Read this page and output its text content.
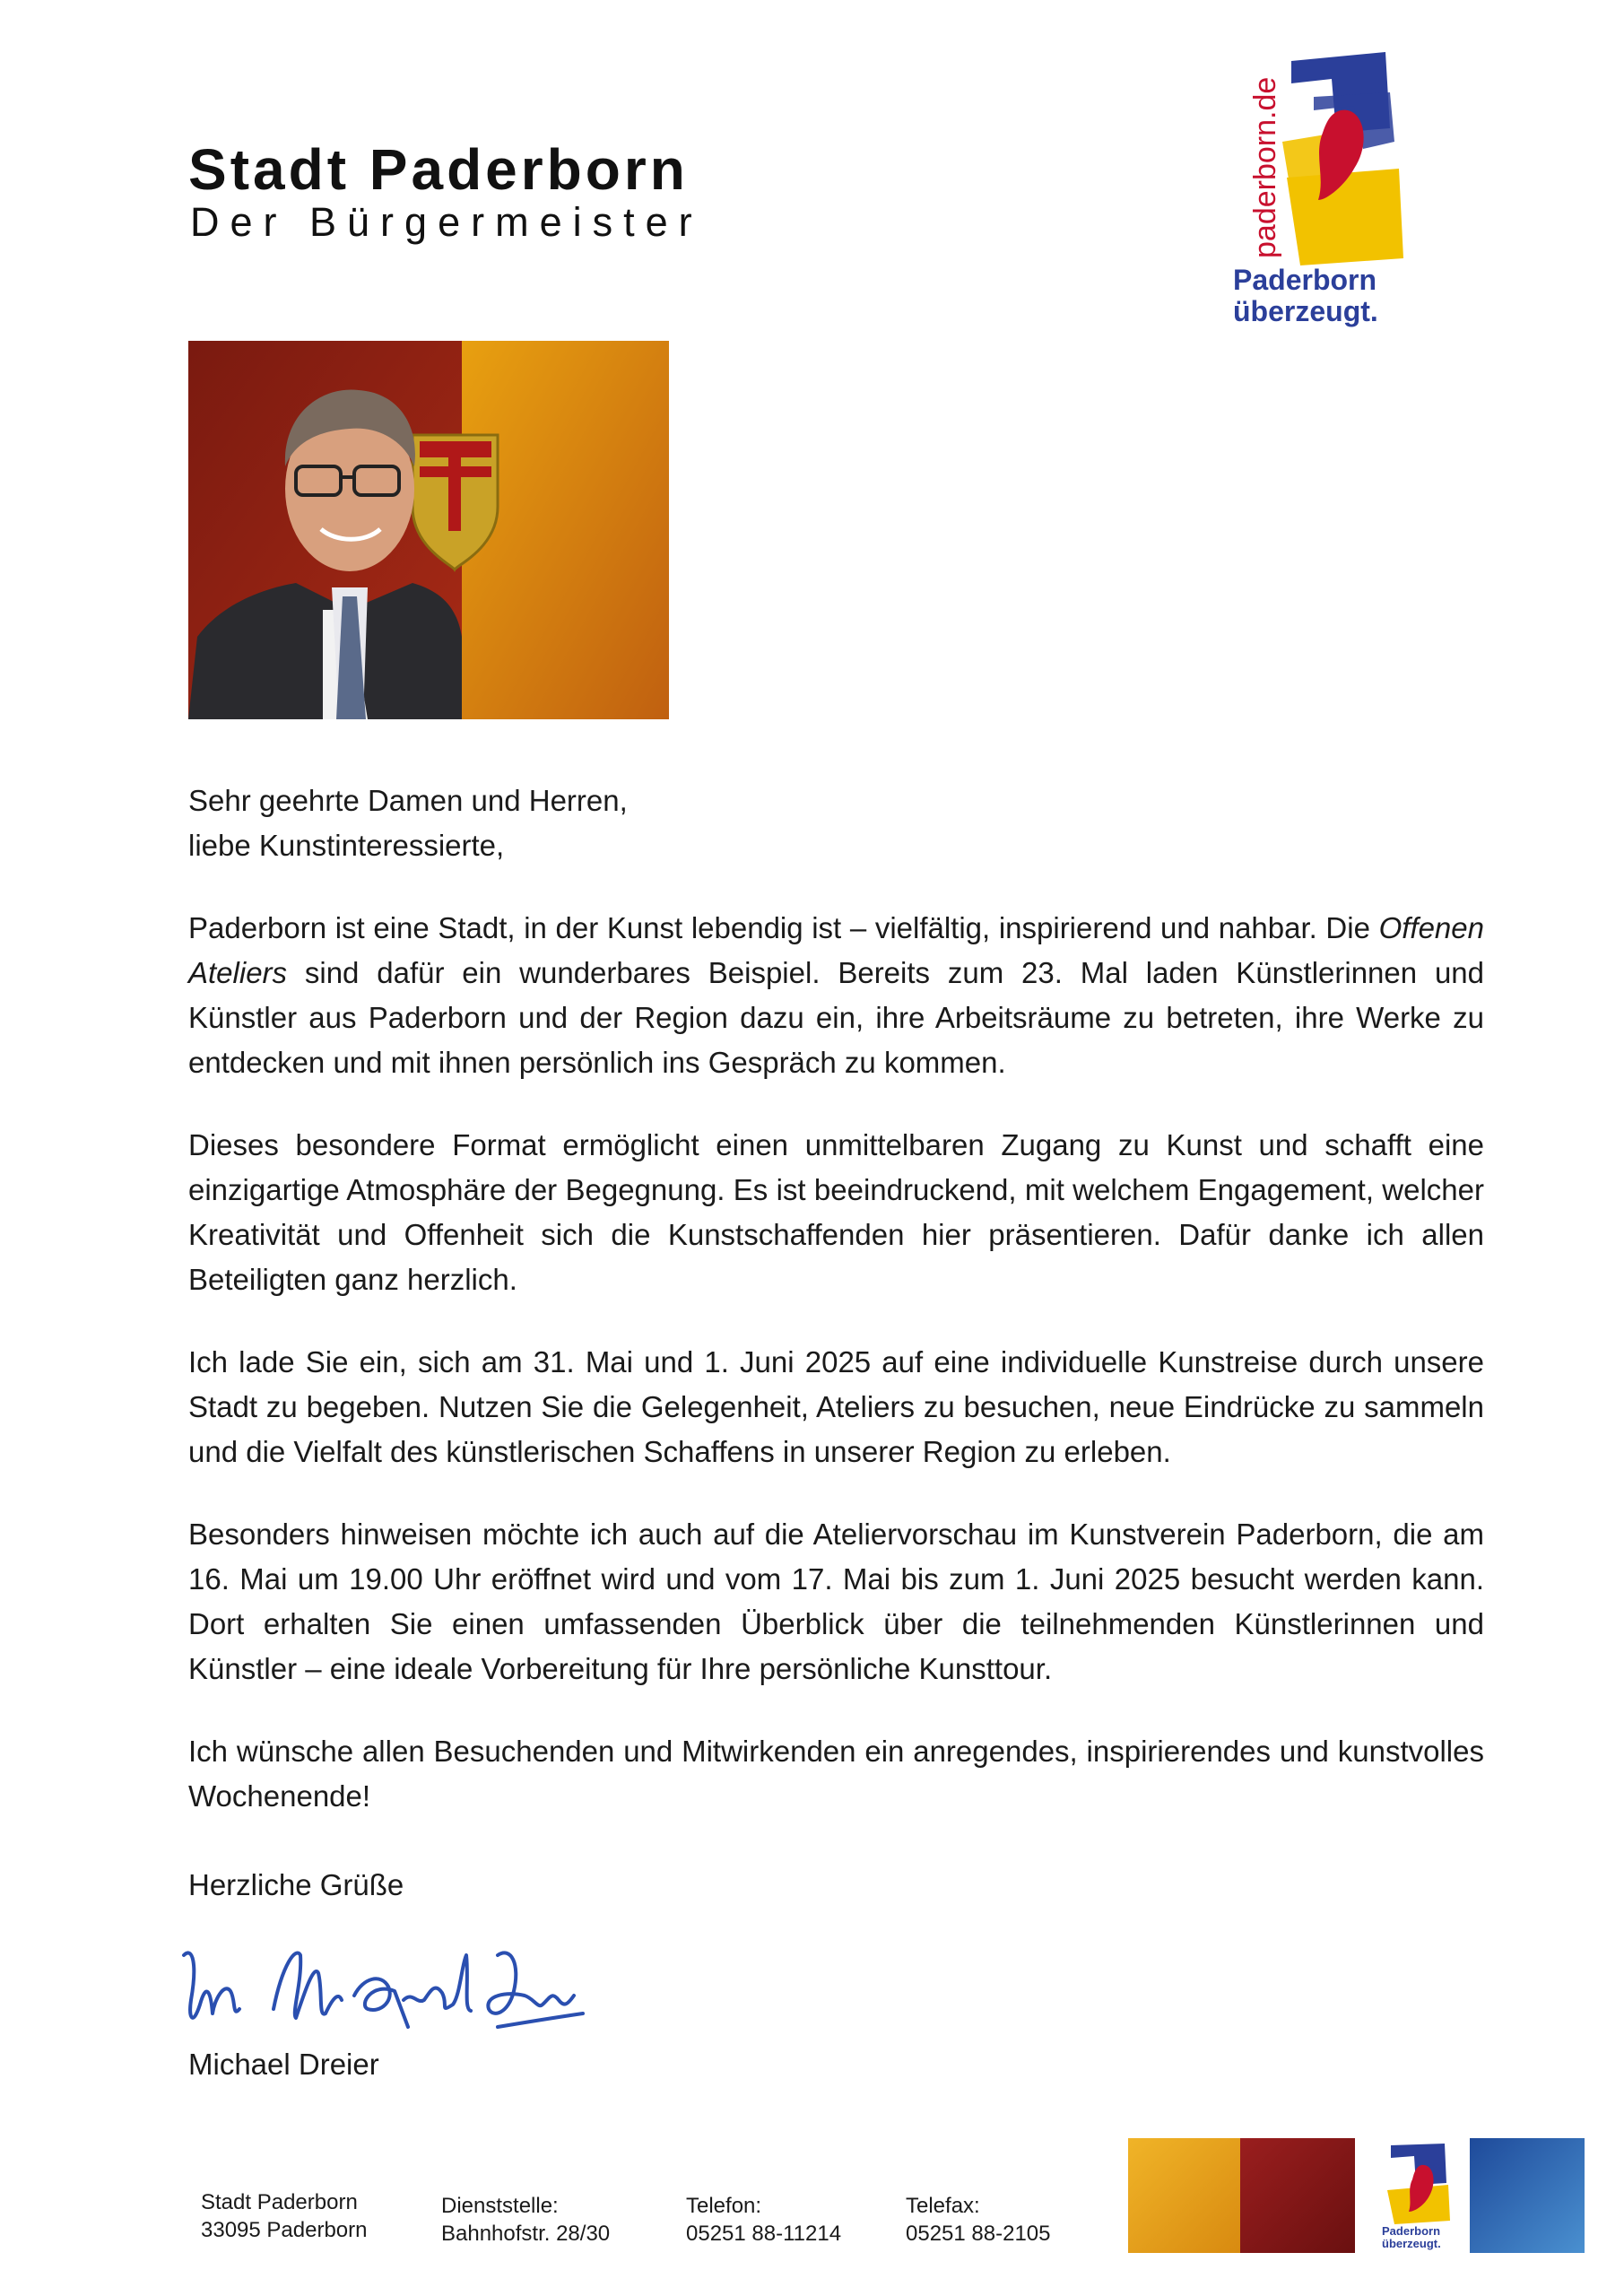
Stadt Paderborn
Der Bürgermeister	paderborn.de
Paderborn
überzeugt.

Sehr geehrte Damen und Herren,
liebe Kunstinteressierte,

Paderborn ist eine Stadt, in der Kunst lebendig ist – vielfältig, inspirierend und nahbar. Die Offenen Ateliers sind dafür ein wunderbares Beispiel. Bereits zum 23. Mal laden Künstlerinnen und Künstler aus Paderborn und der Region dazu ein, ihre Arbeitsräume zu betreten, ihre Werke zu entdecken und mit ihnen persönlich ins Gespräch zu kommen.

Dieses besondere Format ermöglicht einen unmittelbaren Zugang zu Kunst und schafft eine einzigartige Atmosphäre der Begegnung. Es ist beeindruckend, mit welchem Engagement, welcher Kreativität und Offenheit sich die Kunstschaffenden hier präsentieren. Dafür danke ich allen Beteiligten ganz herzlich.

Ich lade Sie ein, sich am 31. Mai und 1. Juni 2025 auf eine individuelle Kunstreise durch unsere Stadt zu begeben. Nutzen Sie die Gelegenheit, Ateliers zu besuchen, neue Eindrücke zu sammeln und die Vielfalt des künstlerischen Schaffens in unserer Region zu erleben.

Besonders hinweisen möchte ich auch auf die Ateliervorschau im Kunstverein Paderborn, die am 16. Mai um 19.00 Uhr eröffnet wird und vom 17. Mai bis zum 1. Juni 2025 besucht werden kann. Dort erhalten Sie einen umfassenden Überblick über die teilnehmenden Künstlerinnen und Künstler – eine ideale Vorbereitung für Ihre persönliche Kunsttour.

Ich wünsche allen Besuchenden und Mitwirkenden ein anregendes, inspirierendes und kunstvolles Wochenende!

Herzliche Grüße
Michael Dreier
Stadt Paderborn
33095 Paderborn
Dienststelle:
Bahnhofstr. 28/30
Telefon:
05251 88-11214
Telefax:
05251 88-2105	Paderborn
überzeugt.
